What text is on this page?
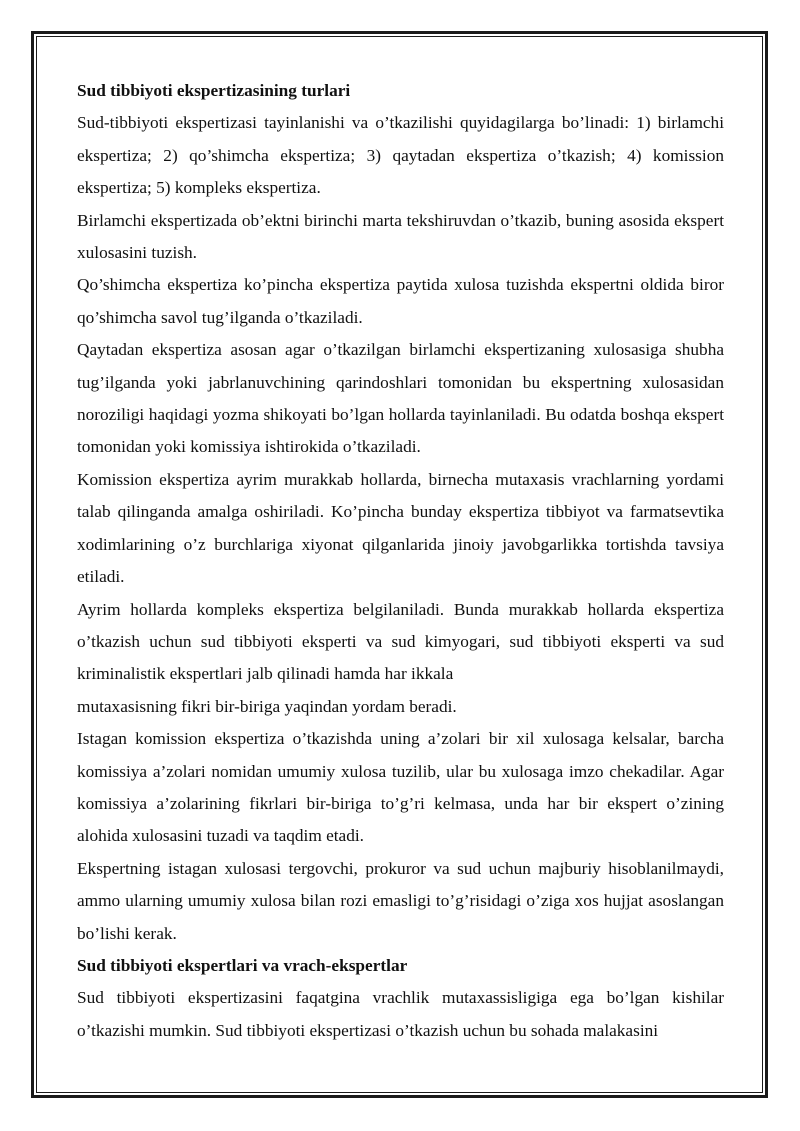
Sud tibbiyoti ekspertizasining turlari

Sud-tibbiyoti ekspertizasi tayinlanishi va o’tkazilishi quyidagilarga bo’linadi: 1) birlamchi ekspertiza; 2) qo’shimcha ekspertiza; 3) qaytadan ekspertiza o’tkazish; 4) komission ekspertiza; 5) kompleks ekspertiza.

Birlamchi ekspertizada ob’ektni birinchi marta tekshiruvdan o’tkazib, buning asosida ekspert xulosasini tuzish.

Qo’shimcha ekspertiza ko’pincha ekspertiza paytida xulosa tuzishda ekspertni oldida biror qo’shimcha savol tug’ilganda o’tkaziladi.

Qaytadan ekspertiza asosan agar o’tkazilgan birlamchi ekspertizaning xulosasiga shubha tug’ilganda yoki jabrlanuvchining qarindoshlari tomonidan bu ekspertning xulosasidan noroziligi haqidagi yozma shikoyati bo’lgan hollarda tayinlaniladi. Bu odatda boshqa ekspert tomonidan yoki komissiya ishtirokida o’tkaziladi.

Komission ekspertiza ayrim murakkab hollarda, birnecha mutaxasis vrachlarning yordami talab qilinganda amalga oshiriladi. Ko’pincha bunday ekspertiza tibbiyot va farmatsevtika xodimlarining o’z burchlariga xiyonat qilganlarida jinoiy javobgarlikka tortishda tavsiya etiladi.

Ayrim hollarda kompleks ekspertiza belgilaniladi. Bunda murakkab hollarda ekspertiza o’tkazish uchun sud tibbiyoti eksperti va sud kimyogari, sud tibbiyoti eksperti va sud kriminalistik ekspertlari jalb qilinadi hamda har ikkala

mutaxasisning fikri bir-biriga yaqindan yordam beradi.

Istagan komission ekspertiza o’tkazishda uning a’zolari bir xil xulosaga kelsalar, barcha komissiya a’zolari nomidan umumiy xulosa tuzilib, ular bu xulosaga imzo chekadilar. Agar komissiya a’zolarining fikrlari bir-biriga to’g’ri kelmasa, unda har bir ekspert o’zining alohida xulosasini tuzadi va taqdim etadi.

Ekspertning istagan xulosasi tergovchi, prokuror va sud uchun majburiy hisoblanilmaydi, ammo ularning umumiy xulosa bilan rozi emasligi to’g’risidagi o’ziga xos hujjat asoslangan bo’lishi kerak.

Sud tibbiyoti ekspertlari va vrach-ekspertlar

Sud tibbiyoti ekspertizasini faqatgina vrachlik mutaxassisligiga ega bo’lgan kishilar o’tkazishi mumkin. Sud tibbiyoti ekspertizasi o’tkazish uchun bu sohada malakasini
